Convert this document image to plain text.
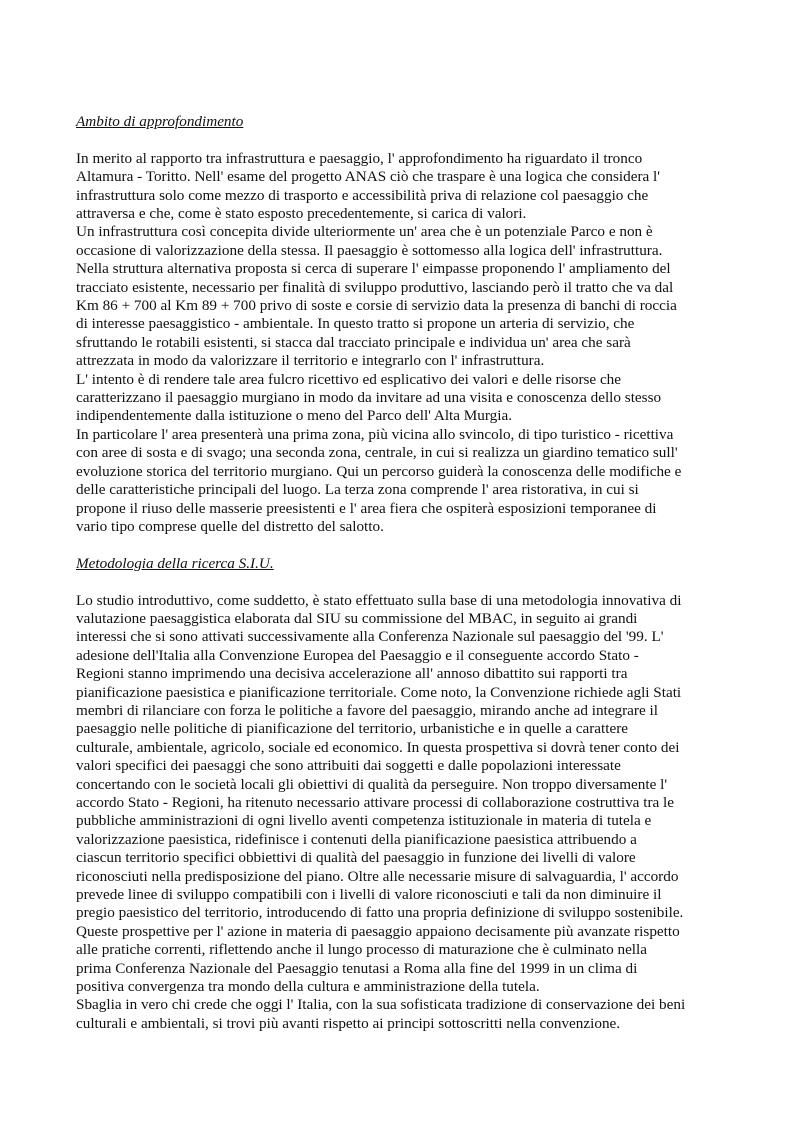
Ambito di approfondimento

In merito al rapporto tra infrastruttura e paesaggio, l' approfondimento ha riguardato il tronco
Altamura - Toritto. Nell' esame del progetto ANAS ciò che traspare è una logica che considera l'
infrastruttura solo come mezzo di trasporto e accessibilità priva di relazione col paesaggio che
attraversa e che, come è stato esposto precedentemente, si carica di valori.
Un infrastruttura così concepita divide ulteriormente un' area che è un potenziale Parco e non è
occasione di valorizzazione della stessa. Il paesaggio è sottomesso alla logica dell' infrastruttura.
Nella struttura alternativa proposta si cerca di superare l' eimpasse proponendo l' ampliamento del
tracciato esistente, necessario per finalità di sviluppo produttivo, lasciando però il tratto che va dal
Km 86 + 700 al Km 89 + 700 privo di soste e corsie di servizio data la presenza di banchi di roccia
di interesse paesaggistico - ambientale. In questo tratto si propone un arteria di servizio, che
sfruttando le rotabili esistenti, si stacca dal tracciato principale e individua un' area che sarà
attrezzata in modo da valorizzare il territorio e integrarlo con l' infrastruttura.
L' intento è di rendere tale area fulcro ricettivo ed esplicativo dei valori e delle risorse che
caratterizzano il paesaggio murgiano in modo da invitare ad una visita e conoscenza dello stesso
indipendentemente dalla istituzione o meno del Parco dell' Alta Murgia.
In particolare l' area presenterà una prima zona, più vicina allo svincolo, di tipo turistico - ricettiva
con aree di sosta e di svago; una seconda zona, centrale, in cui si realizza un giardino tematico sull'
evoluzione storica del territorio murgiano. Qui un percorso guiderà la conoscenza delle modifiche e
delle caratteristiche principali del luogo. La terza zona comprende l' area ristorativa, in cui si
propone il riuso delle masserie preesistenti e l' area fiera che ospiterà esposizioni temporanee di
vario tipo comprese quelle del distretto del salotto.

Metodologia della ricerca S.I.U.

Lo studio introduttivo, come suddetto, è stato effettuato sulla base di una metodologia innovativa di
valutazione paesaggistica elaborata dal SIU su commissione del MBAC, in seguito ai grandi
interessi che si sono attivati successivamente alla Conferenza Nazionale sul paesaggio del '99. L'
adesione dell'Italia alla Convenzione Europea del Paesaggio e il conseguente accordo Stato -
Regioni stanno imprimendo una decisiva accelerazione all' annoso dibattito sui rapporti tra
pianificazione paesistica e pianificazione territoriale. Come noto, la Convenzione richiede agli Stati
membri di rilanciare con forza le politiche a favore del paesaggio, mirando anche ad integrare il
paesaggio nelle politiche di pianificazione del territorio, urbanistiche e in quelle a carattere
culturale, ambientale, agricolo, sociale ed economico. In questa prospettiva si dovrà tener conto dei
valori specifici dei paesaggi che sono attribuiti dai soggetti e dalle popolazioni interessate
concertando con le società locali gli obiettivi di qualità da perseguire. Non troppo diversamente l'
accordo Stato - Regioni, ha ritenuto necessario attivare processi di collaborazione costruttiva tra le
pubbliche amministrazioni di ogni livello aventi competenza istituzionale in materia di tutela e
valorizzazione paesistica, ridefinisce i contenuti della pianificazione paesistica attribuendo a
ciascun territorio specifici obbiettivi di qualità del paesaggio in funzione dei livelli di valore
riconosciuti nella predisposizione del piano. Oltre alle necessarie misure di salvaguardia, l' accordo
prevede linee di sviluppo compatibili con i livelli di valore riconosciuti e tali da non diminuire il
pregio paesistico del territorio, introducendo di fatto una propria definizione di sviluppo sostenibile.
Queste prospettive per l' azione in materia di paesaggio appaiono decisamente più avanzate rispetto
alle pratiche correnti, riflettendo anche il lungo processo di maturazione che è culminato nella
prima Conferenza Nazionale del Paesaggio tenutasi a Roma alla fine del 1999 in un clima di
positiva convergenza tra mondo della cultura e amministrazione della tutela.
Sbaglia in vero chi crede che oggi l' Italia, con la sua sofisticata tradizione di conservazione dei beni
culturali e ambientali, si trovi più avanti rispetto ai principi sottoscritti nella convenzione.
